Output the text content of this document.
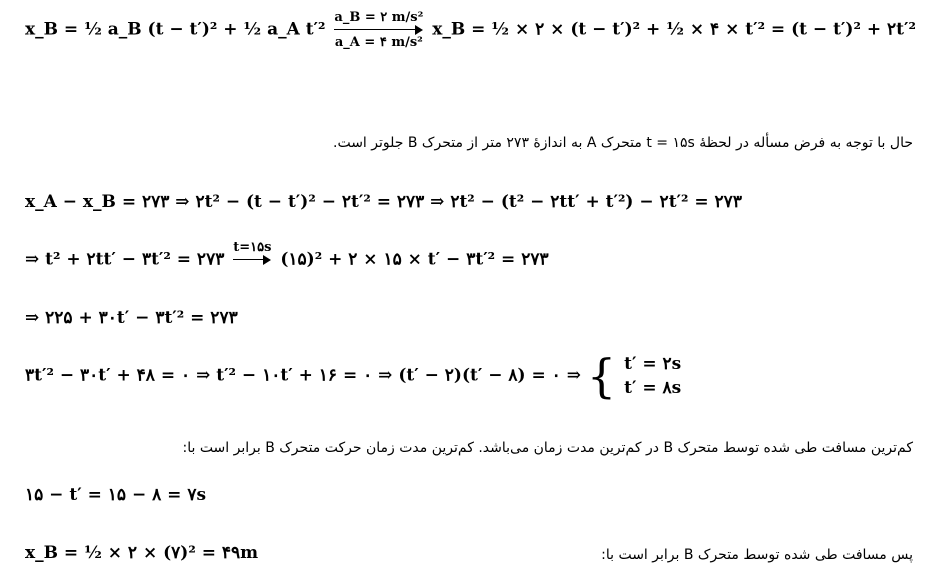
x_B = ½ a_B (t − t′)² + ½ a_A t′²
a_B = ۲ m/s²
a_A = ۴ m/s²
x_B = ½ × ۲ × (t − t′)² + ½ × ۴ × t′² = (t − t′)² + ۲t′²
حال با توجه به فرض مسأله در لحظهٔ t = ۱۵s متحرک A به اندازهٔ ۲۷۳ متر از متحرک B جلوتر است.
x_A − x_B = ۲۷۳ ⇒ ۲t² − (t − t′)² − ۲t′² = ۲۷۳ ⇒ ۲t² − (t² − ۲tt′ + t′²) − ۲t′² = ۲۷۳
⇒ t² + ۲tt′ − ۳t′² = ۲۷۳
t=۱۵s
(۱۵)² + ۲ × ۱۵ × t′ − ۳t′² = ۲۷۳
⇒ ۲۲۵ + ۳۰t′ − ۳t′² = ۲۷۳
۳t′² − ۳۰t′ + ۴۸ = ۰ ⇒ t′² − ۱۰t′ + ۱۶ = ۰ ⇒ (t′ − ۲)(t′ − ۸) = ۰ ⇒ { t′ = ۲s
t′ = ۸s
کم‌ترین مسافت طی شده توسط متحرک B در کم‌ترین مدت زمان می‌باشد. کم‌ترین مدت زمان حرکت متحرک B برابر است با:
۱۵ − t′ = ۱۵ − ۸ = ۷s
x_B = ½ × ۲ × (۷)² = ۴۹m	پس مسافت طی شده توسط متحرک B برابر است با:
